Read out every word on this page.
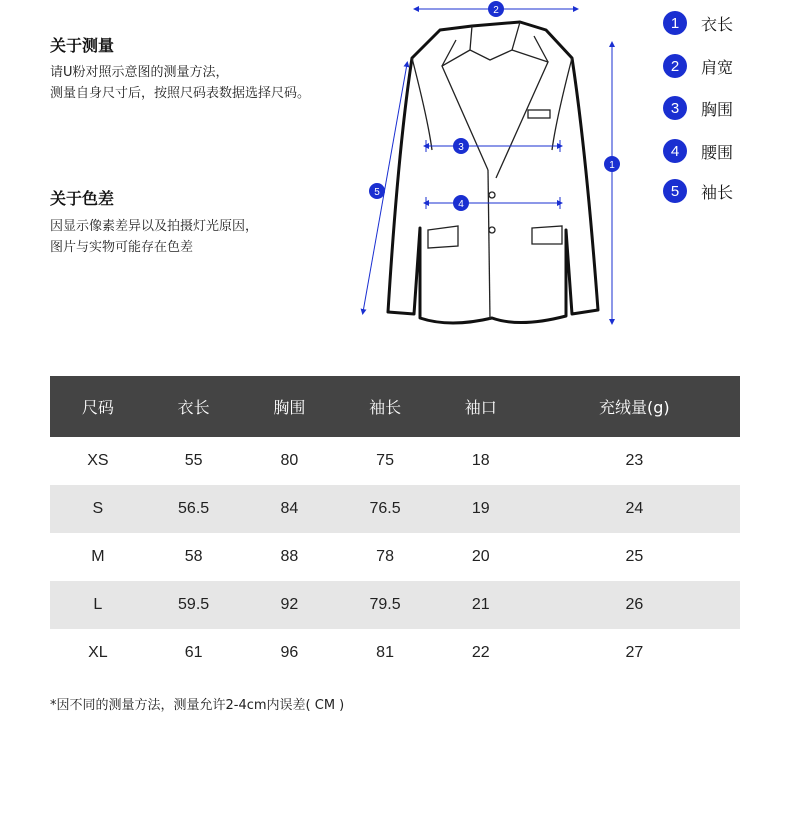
关于测量
请U粉对照示意图的测量方法，
测量自身尺寸后，按照尺码表数据选择尺码。
关于色差
因显示像素差异以及拍摄灯光原因，
图片与实物可能存在色差
2
1
3
4
5
1	衣长
2	肩宽
3	胸围
4	腰围
5	袖长
尺码	衣长	胸围	袖长	袖口	充绒量(g)
XS	55	80	75	18	23
S	56.5	84	76.5	19	24
M	58	88	78	20	25
L	59.5	92	79.5	21	26
XL	61	96	81	22	27
*因不同的测量方法，测量允许2-4cm内误差( CM )
